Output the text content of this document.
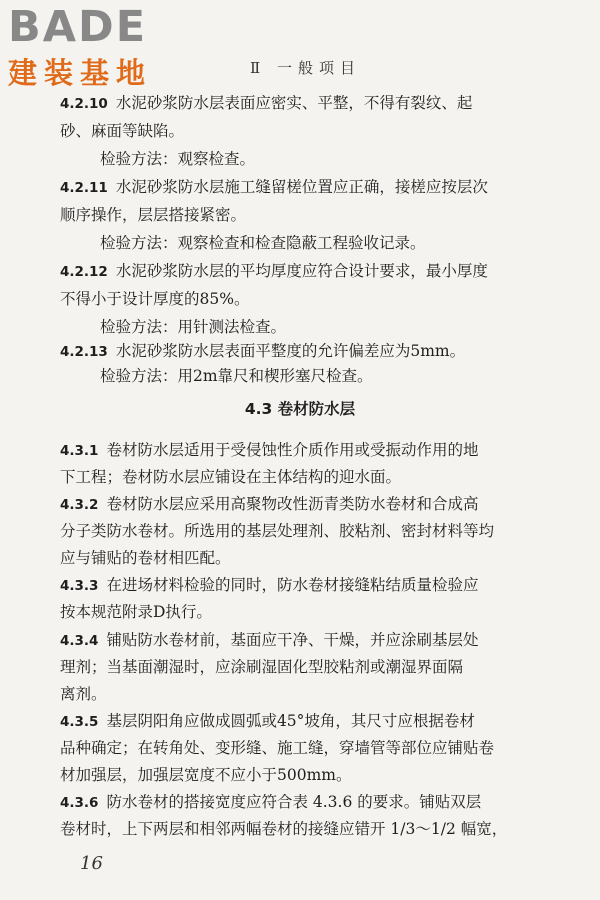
BADE
建装基地	Ⅱ 一般项目
4.2.10 水泥砂浆防水层表面应密实、平整，不得有裂纹、起
砂、麻面等缺陷。
检验方法：观察检查。
4.2.11 水泥砂浆防水层施工缝留槎位置应正确，接槎应按层次
顺序操作，层层搭接紧密。
检验方法：观察检查和检查隐蔽工程验收记录。
4.2.12 水泥砂浆防水层的平均厚度应符合设计要求，最小厚度
不得小于设计厚度的85%。
检验方法：用针测法检查。
4.2.13 水泥砂浆防水层表面平整度的允许偏差应为5mm。
检验方法：用2m靠尺和楔形塞尺检查。
4.3 卷材防水层
4.3.1 卷材防水层适用于受侵蚀性介质作用或受振动作用的地
下工程；卷材防水层应铺设在主体结构的迎水面。
4.3.2 卷材防水层应采用高聚物改性沥青类防水卷材和合成高
分子类防水卷材。所选用的基层处理剂、胶粘剂、密封材料等均
应与铺贴的卷材相匹配。
4.3.3 在进场材料检验的同时，防水卷材接缝粘结质量检验应
按本规范附录D执行。
4.3.4 铺贴防水卷材前，基面应干净、干燥，并应涂刷基层处
理剂；当基面潮湿时，应涂刷湿固化型胶粘剂或潮湿界面隔
离剂。
4.3.5 基层阴阳角应做成圆弧或45°坡角，其尺寸应根据卷材
品种确定；在转角处、变形缝、施工缝，穿墙管等部位应铺贴卷
材加强层，加强层宽度不应小于500mm。
4.3.6 防水卷材的搭接宽度应符合表 4.3.6 的要求。铺贴双层
卷材时，上下两层和相邻两幅卷材的接缝应错开 1/3～1/2 幅宽，
16
